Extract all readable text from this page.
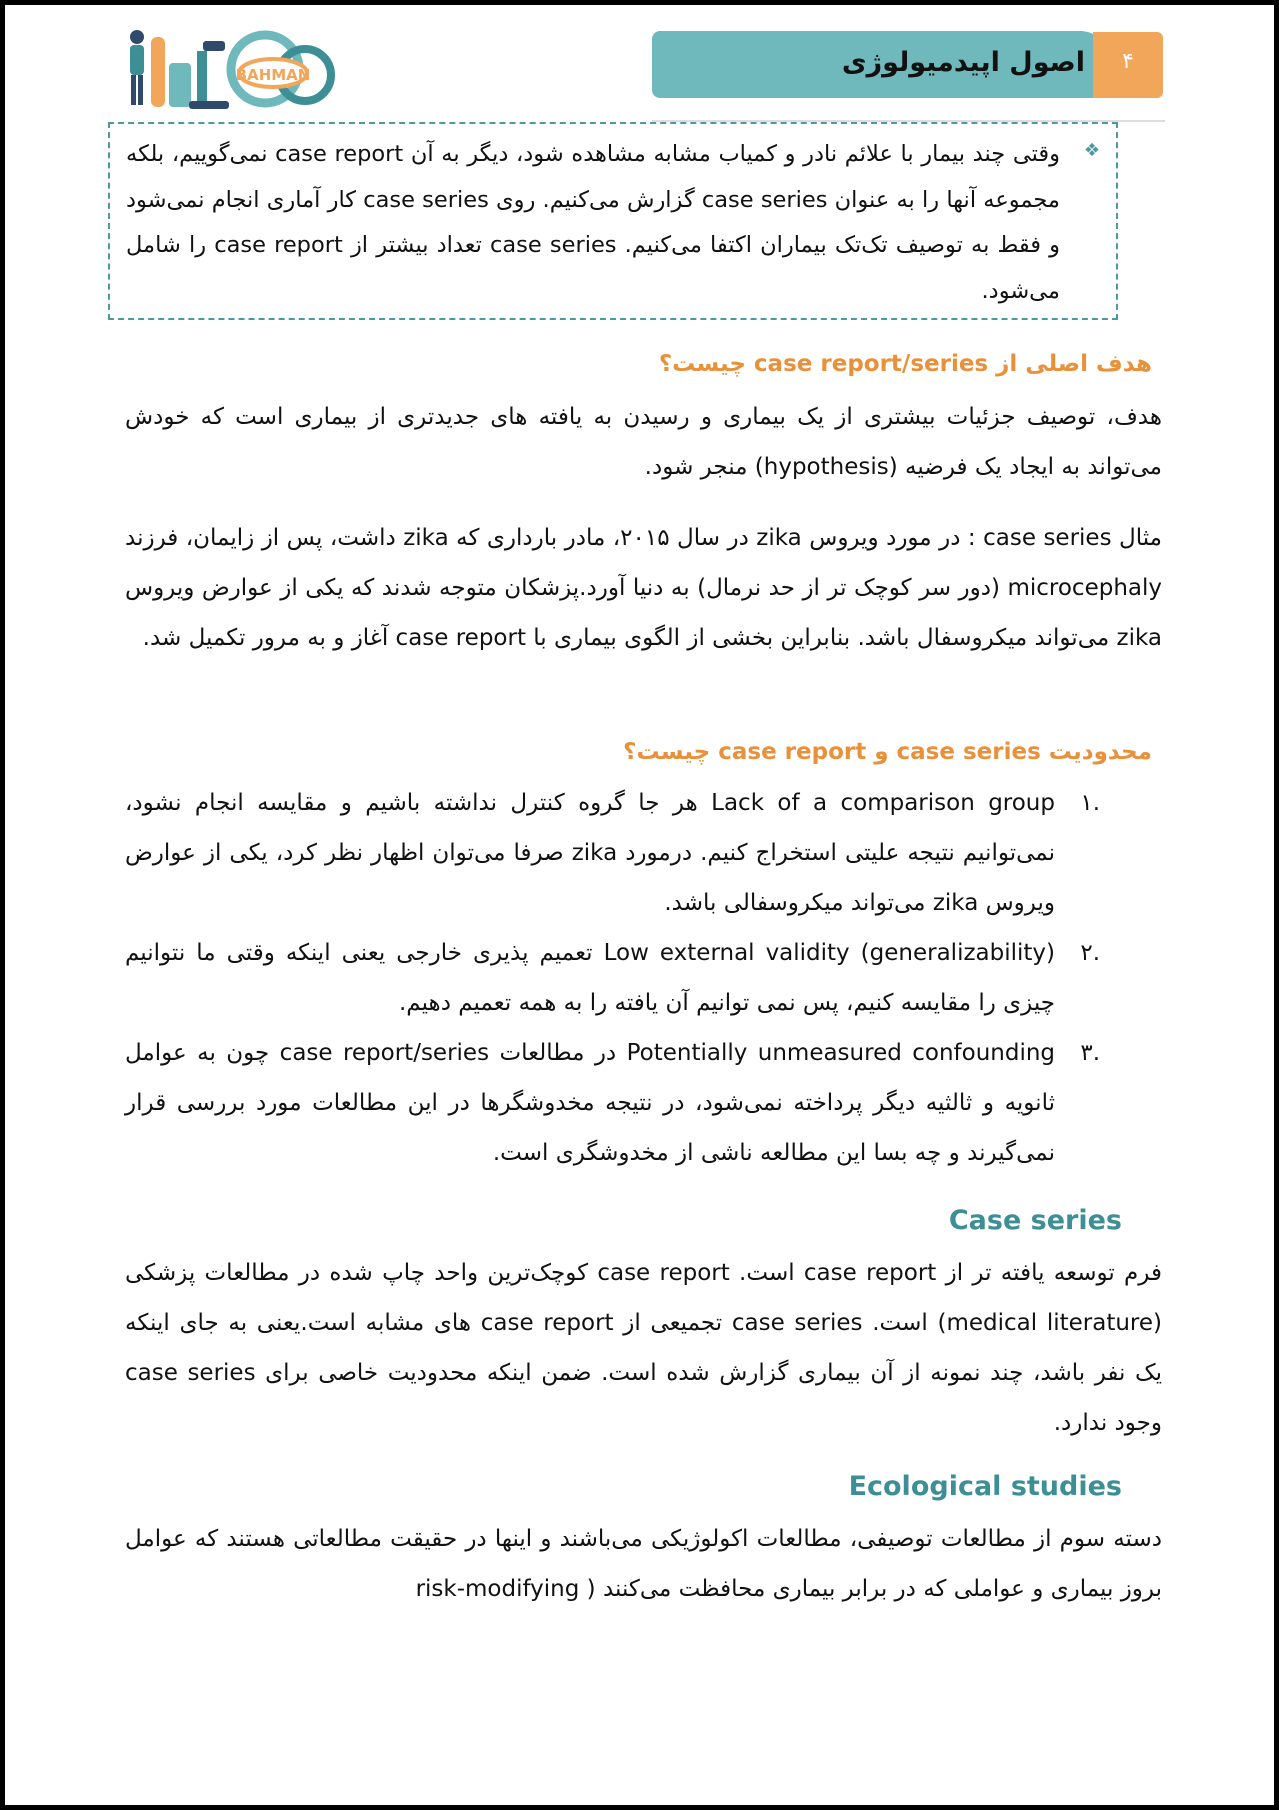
۴
اصول اپیدمیولوژی
BAHMAN
❖

وقتی چند بیمار با علائم نادر و کمیاب مشابه مشاهده شود، دیگر به آن case report نمی‌گوییم، بلکه مجموعه آنها را به عنوان case series گزارش می‌کنیم. روی case series کار آماری انجام نمی‌شود و فقط به توصیف تک‌تک بیماران اکتفا می‌کنیم. case series تعداد بیشتر از case report را شامل می‌شود.

هدف اصلی از case report/series چیست؟

هدف، توصیف جزئیات بیشتری از یک بیماری و رسیدن به یافته های جدیدتری از بیماری است که خودش می‌تواند به ایجاد یک فرضیه (hypothesis) منجر شود.

مثال case series : در مورد ویروس zika در سال ۲۰۱۵، مادر بارداری که zika داشت، پس از زایمان، فرزند microcephaly (دور سر کوچک تر از حد نرمال) به دنیا آورد.پزشکان متوجه شدند که یکی از عوارض ویروس zika می‌تواند میکروسفال باشد. بنابراین بخشی از الگوی بیماری با case report آغاز و به مرور تکمیل شد.

محدودیت case series و case report چیست؟
.۱
Lack of a comparison group هر جا گروه کنترل نداشته باشیم و مقایسه انجام نشود، نمی‌توانیم نتیجه علیتی استخراج کنیم. درمورد zika صرفا می‌توان اظهار نظر کرد، یکی از عوارض ویروس zika می‌تواند میکروسفالی باشد.
.۲
Low external validity (generalizability) تعمیم پذیری خارجی یعنی اینکه وقتی ما نتوانیم چیزی را مقایسه کنیم، پس نمی توانیم آن یافته را به همه تعمیم دهیم.
.۳
Potentially unmeasured confounding در مطالعات case report/series چون به عوامل ثانویه و ثالثیه دیگر پرداخته نمی‌شود، در نتیجه مخدوشگرها در این مطالعات مورد بررسی قرار نمی‌گیرند و چه بسا این مطالعه ناشی از مخدوشگری است.
Case series

فرم توسعه یافته تر از case report است. case report کوچک‌ترین واحد چاپ شده در مطالعات پزشکی (medical literature) است. case series تجمیعی از case report های مشابه است.یعنی به جای اینکه یک نفر باشد، چند نمونه از آن بیماری گزارش شده است. ضمن اینکه محدودیت خاصی برای case series وجود ندارد.

Ecological studies

دسته سوم از مطالعات توصیفی، مطالعات اکولوژیکی می‌باشند و اینها در حقیقت مطالعاتی هستند که عوامل بروز بیماری و عواملی که در برابر بیماری محافظت می‌کنند ( risk-modifying
